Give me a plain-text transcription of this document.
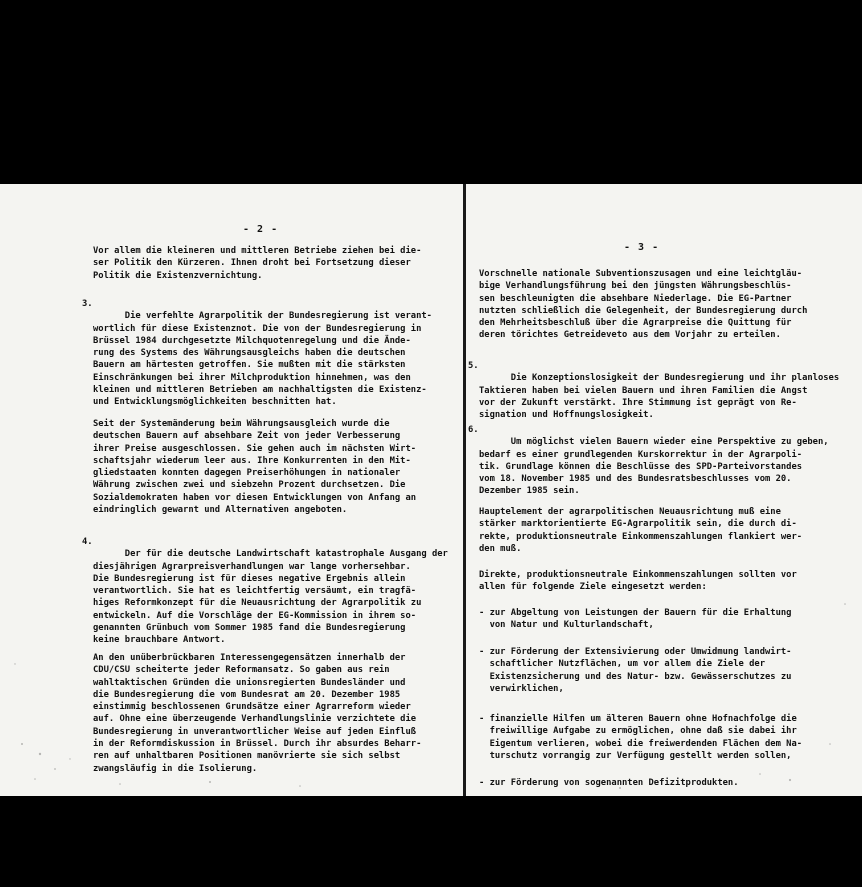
- 2 -
Vor allem die kleineren und mittleren Betriebe ziehen bei die-
ser Politik den Kürzeren. Ihnen droht bei Fortsetzung dieser
Politik die Existenzvernichtung.

3.
Die verfehlte Agrarpolitik der Bundesregierung ist verant-
wortlich für diese Existenznot. Die von der Bundesregierung in
Brüssel 1984 durchgesetzte Milchquotenregelung und die Ände-
rung des Systems des Währungsausgleichs haben die deutschen
Bauern am härtesten getroffen. Sie mußten mit die stärksten
Einschränkungen bei ihrer Milchproduktion hinnehmen, was den
kleinen und mittleren Betrieben am nachhaltigsten die Existenz-
und Entwicklungsmöglichkeiten beschnitten hat.

Seit der Systemänderung beim Währungsausgleich wurde die
deutschen Bauern auf absehbare Zeit von jeder Verbesserung
ihrer Preise ausgeschlossen. Sie gehen auch im nächsten Wirt-
schaftsjahr wiederum leer aus. Ihre Konkurrenten in den Mit-
gliedstaaten konnten dagegen Preiserhöhungen in nationaler
Währung zwischen zwei und siebzehn Prozent durchsetzen. Die
Sozialdemokraten haben vor diesen Entwicklungen von Anfang an
eindringlich gewarnt und Alternativen angeboten.

4.
Der für die deutsche Landwirtschaft katastrophale Ausgang der
diesjährigen Agrarpreisverhandlungen war lange vorhersehbar.
Die Bundesregierung ist für dieses negative Ergebnis allein
verantwortlich. Sie hat es leichtfertig versäumt, ein tragfä-
higes Reformkonzept für die Neuausrichtung der Agrarpolitik zu
entwickeln. Auf die Vorschläge der EG-Kommission in ihrem so-
genannten Grünbuch vom Sommer 1985 fand die Bundesregierung
keine brauchbare Antwort.

An den unüberbrückbaren Interessengegensätzen innerhalb der
CDU/CSU scheiterte jeder Reformansatz. So gaben aus rein
wahltaktischen Gründen die unionsregierten Bundesländer und
die Bundesregierung die vom Bundesrat am 20. Dezember 1985
einstimmig beschlossenen Grundsätze einer Agrarreform wieder
auf. Ohne eine überzeugende Verhandlungslinie verzichtete die
Bundesregierung in unverantwortlicher Weise auf jeden Einfluß
in der Reformdiskussion in Brüssel. Durch ihr absurdes Beharr-
ren auf unhaltbaren Positionen manövrierte sie sich selbst
zwangsläufig in die Isolierung.
- 3 -
Vorschnelle nationale Subventionszusagen und eine leichtgläu-
bige Verhandlungsführung bei den jüngsten Währungsbeschlüs-
sen beschleunigten die absehbare Niederlage. Die EG-Partner
nutzten schließlich die Gelegenheit, der Bundesregierung durch
den Mehrheitsbeschluß über die Agrarpreise die Quittung für
deren törichtes Getreideveto aus dem Vorjahr zu erteilen.

5.
Die Konzeptionslosigkeit der Bundesregierung und ihr planloses
Taktieren haben bei vielen Bauern und ihren Familien die Angst
vor der Zukunft verstärkt. Ihre Stimmung ist geprägt von Re-
signation und Hoffnungslosigkeit.

6.
Um möglichst vielen Bauern wieder eine Perspektive zu geben,
bedarf es einer grundlegenden Kurskorrektur in der Agrarpoli-
tik. Grundlage können die Beschlüsse des SPD-Parteivorstandes
vom 18. November 1985 und des Bundesratsbeschlusses vom 20.
Dezember 1985 sein.

Hauptelement der agrarpolitischen Neuausrichtung muß eine
stärker marktorientierte EG-Agrarpolitik sein, die durch di-
rekte, produktionsneutrale Einkommenszahlungen flankiert wer-
den muß.
Direkte, produktionsneutrale Einkommenszahlungen sollten vor
allen für folgende Ziele eingesetzt werden:
- zur Abgeltung von Leistungen der Bauern für die Erhaltung
von Natur und Kulturlandschaft,
- zur Förderung der Extensivierung oder Umwidmung landwirt-
schaftlicher Nutzflächen, um vor allem die Ziele der
Existenzsicherung und des Natur- bzw. Gewässerschutzes zu
verwirklichen,
- finanzielle Hilfen um älteren Bauern ohne Hofnachfolge die
freiwillige Aufgabe zu ermöglichen, ohne daß sie dabei ihr
Eigentum verlieren, wobei die freiwerdenden Flächen dem Na-
turschutz vorrangig zur Verfügung gestellt werden sollen,
- zur Förderung von sogenannten Defizitprodukten.
